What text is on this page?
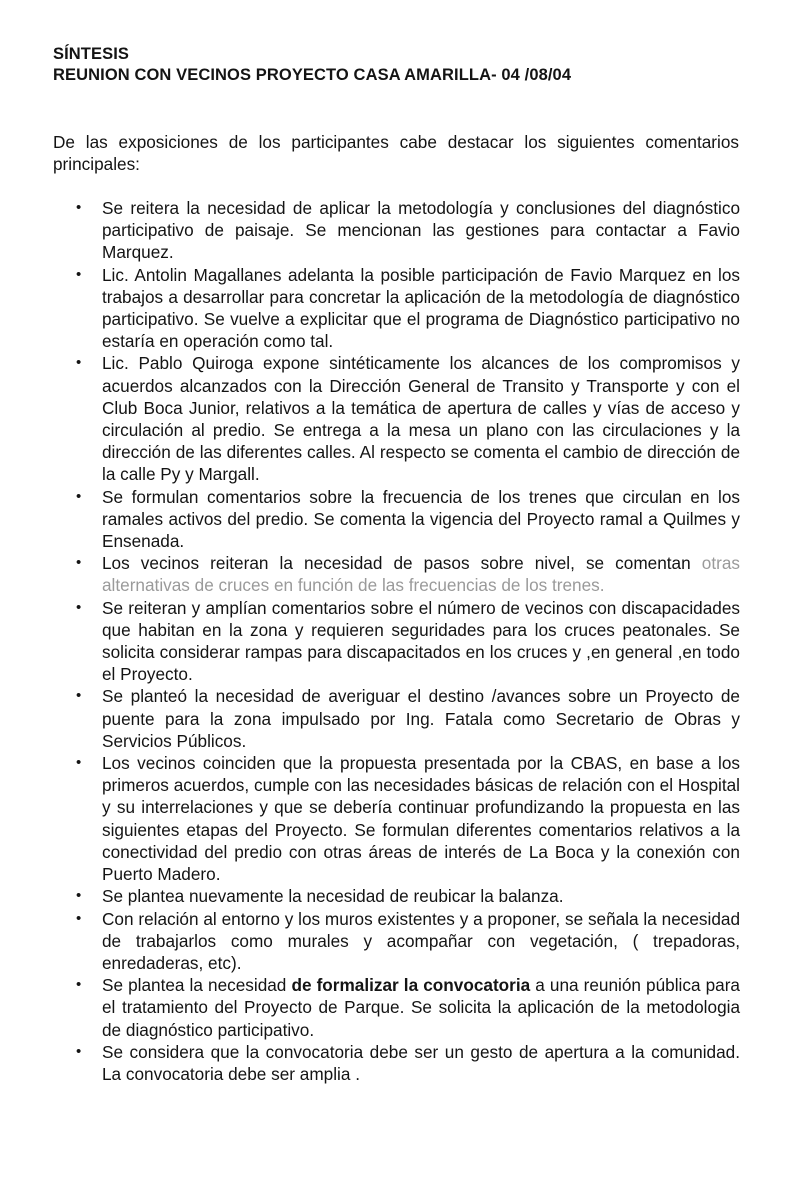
SÍNTESIS
REUNION CON VECINOS PROYECTO CASA AMARILLA- 04 /08/04
De las exposiciones de los participantes cabe destacar los siguientes comentarios principales:
• Se reitera la necesidad de aplicar la metodología y conclusiones del diagnóstico participativo de paisaje. Se mencionan las gestiones para contactar a Favio Marquez.
• Lic. Antolin Magallanes adelanta la posible participación de Favio Marquez en los trabajos a desarrollar para concretar la aplicación de la metodología de diagnóstico participativo. Se vuelve a explicitar que el programa de Diagnóstico participativo no estaría en operación como tal.
• Lic. Pablo Quiroga expone sintéticamente los alcances de los compromisos y acuerdos alcanzados con la Dirección General de Transito y Transporte y con el Club Boca Junior, relativos a la temática de apertura de calles y vías de acceso y circulación al predio. Se entrega a la mesa un plano con las circulaciones y la dirección de las diferentes calles. Al respecto se comenta el cambio de dirección de la calle Py y Margall.
• Se formulan comentarios sobre la frecuencia de los trenes que circulan en los ramales activos del predio. Se comenta la vigencia del Proyecto ramal a Quilmes y Ensenada.
• Los vecinos reiteran la necesidad de pasos sobre nivel, se comentan otras alternativas de cruces en función de las frecuencias de los trenes.
• Se reiteran y amplían comentarios sobre el número de vecinos con discapacidades que habitan en la zona y requieren seguridades para los cruces peatonales. Se solicita considerar rampas para discapacitados en los cruces y ,en general ,en todo el Proyecto.
• Se planteó la necesidad de averiguar el destino /avances sobre un Proyecto de puente para la zona impulsado por Ing. Fatala como Secretario de Obras y Servicios Públicos.
• Los vecinos coinciden que la propuesta presentada por la CBAS, en base a los primeros acuerdos, cumple con las necesidades básicas de relación con el Hospital y su interrelaciones y que se debería continuar profundizando la propuesta en las siguientes etapas del Proyecto. Se formulan diferentes comentarios relativos a la conectividad del predio con otras áreas de interés de La Boca y la conexión con Puerto Madero.
• Se plantea nuevamente la necesidad de reubicar la balanza.
• Con relación al entorno y los muros existentes y a proponer, se señala la necesidad de trabajarlos como murales y acompañar con vegetación, ( trepadoras, enredaderas, etc).
• Se plantea la necesidad de formalizar la convocatoria a una reunión pública para el tratamiento del Proyecto de Parque. Se solicita la aplicación de la metodologia de diagnóstico participativo.
• Se considera que la convocatoria debe ser un gesto de apertura a la comunidad. La convocatoria debe ser amplia .
